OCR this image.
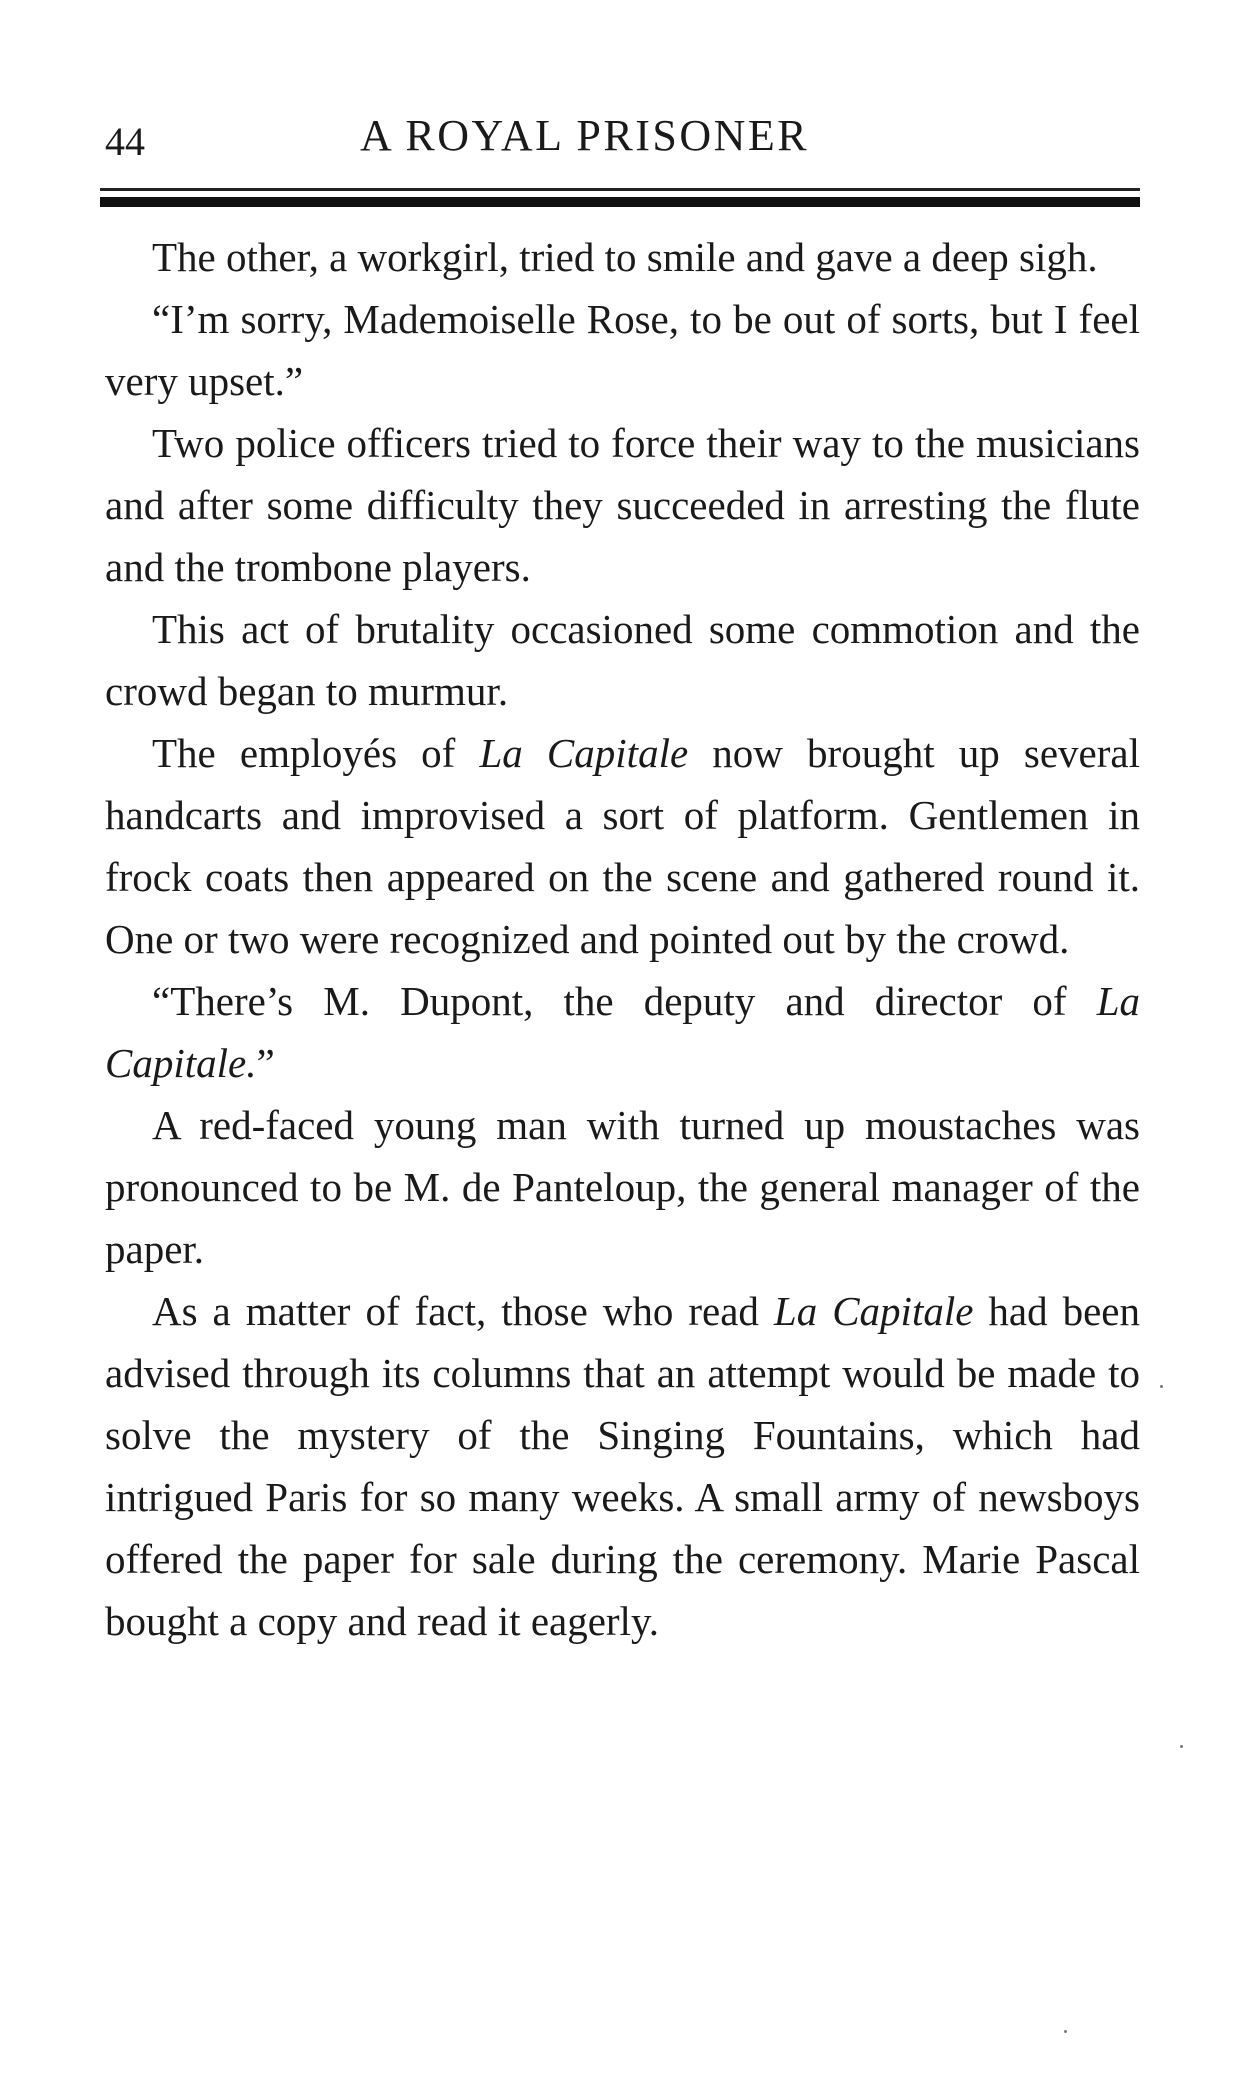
44	A ROYAL PRISONER

The other, a workgirl, tried to smile and gave a deep sigh.

“I’m sorry, Mademoiselle Rose, to be out of sorts, but I feel very upset.”

Two police officers tried to force their way to the musicians and after some difficulty they succeeded in arresting the flute and the trombone players.

This act of brutality occasioned some commotion and the crowd began to murmur.

The employés of La Capitale now brought up several handcarts and improvised a sort of platform. Gentlemen in frock coats then appeared on the scene and gathered round it. One or two were recognized and pointed out by the crowd.

“There’s M. Dupont, the deputy and director of La Capitale.”

A red-faced young man with turned up moustaches was pronounced to be M. de Panteloup, the general manager of the paper.

As a matter of fact, those who read La Capitale had been advised through its columns that an attempt would be made to solve the mystery of the Singing Fountains, which had intrigued Paris for so many weeks. A small army of newsboys offered the paper for sale during the ceremony. Marie Pascal bought a copy and read it eagerly.
